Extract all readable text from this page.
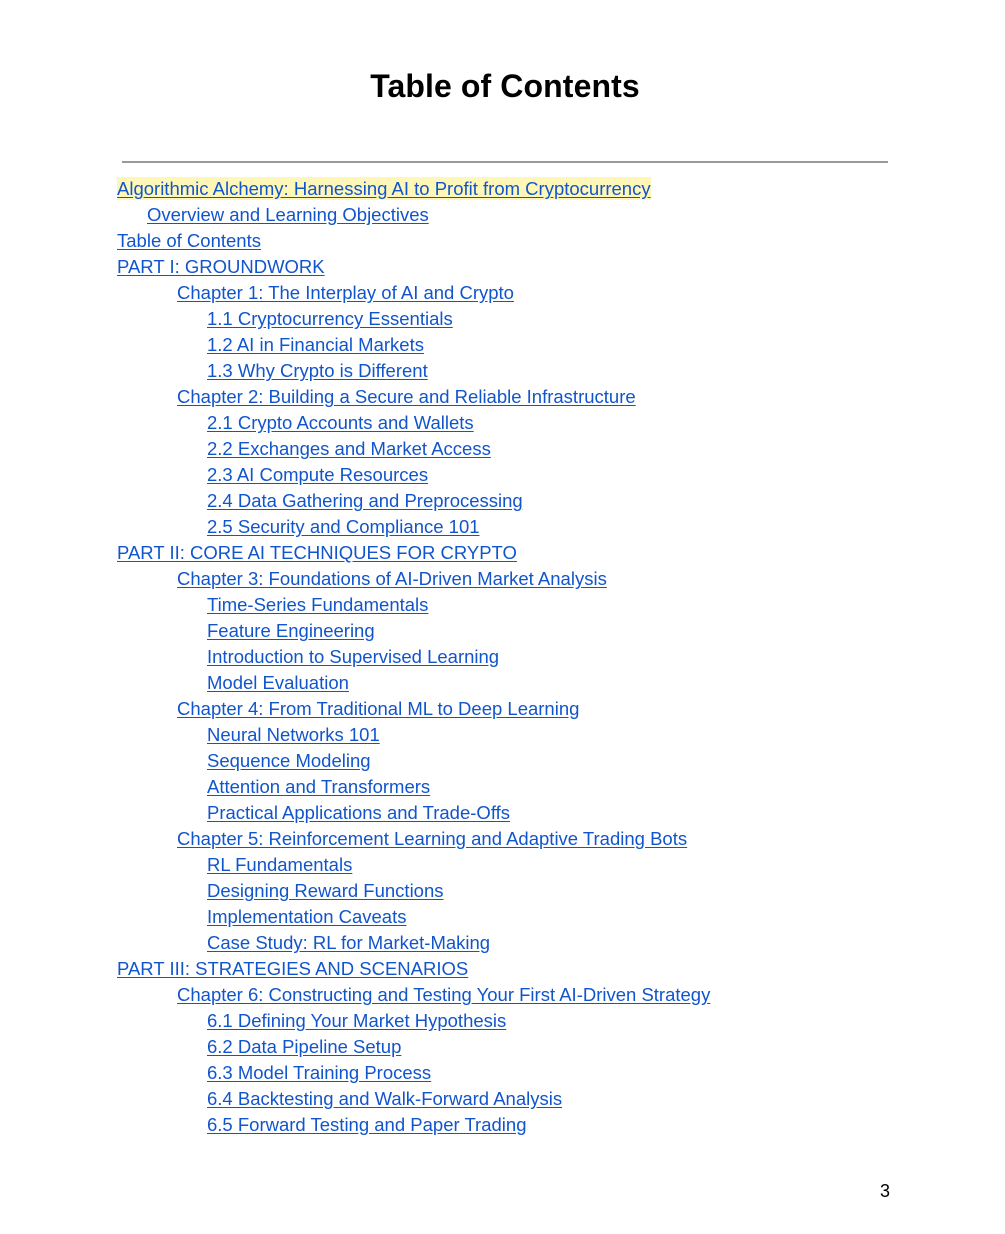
Table of Contents
Algorithmic Alchemy: Harnessing AI to Profit from Cryptocurrency
Overview and Learning Objectives
Table of Contents
PART I: GROUNDWORK
Chapter 1: The Interplay of AI and Crypto
1.1 Cryptocurrency Essentials
1.2 AI in Financial Markets
1.3 Why Crypto is Different
Chapter 2: Building a Secure and Reliable Infrastructure
2.1 Crypto Accounts and Wallets
2.2 Exchanges and Market Access
2.3 AI Compute Resources
2.4 Data Gathering and Preprocessing
2.5 Security and Compliance 101
PART II: CORE AI TECHNIQUES FOR CRYPTO
Chapter 3: Foundations of AI-Driven Market Analysis
Time-Series Fundamentals
Feature Engineering
Introduction to Supervised Learning
Model Evaluation
Chapter 4: From Traditional ML to Deep Learning
Neural Networks 101
Sequence Modeling
Attention and Transformers
Practical Applications and Trade-Offs
Chapter 5: Reinforcement Learning and Adaptive Trading Bots
RL Fundamentals
Designing Reward Functions
Implementation Caveats
Case Study: RL for Market-Making
PART III: STRATEGIES AND SCENARIOS
Chapter 6: Constructing and Testing Your First AI-Driven Strategy
6.1 Defining Your Market Hypothesis
6.2 Data Pipeline Setup
6.3 Model Training Process
6.4 Backtesting and Walk-Forward Analysis
6.5 Forward Testing and Paper Trading
3
